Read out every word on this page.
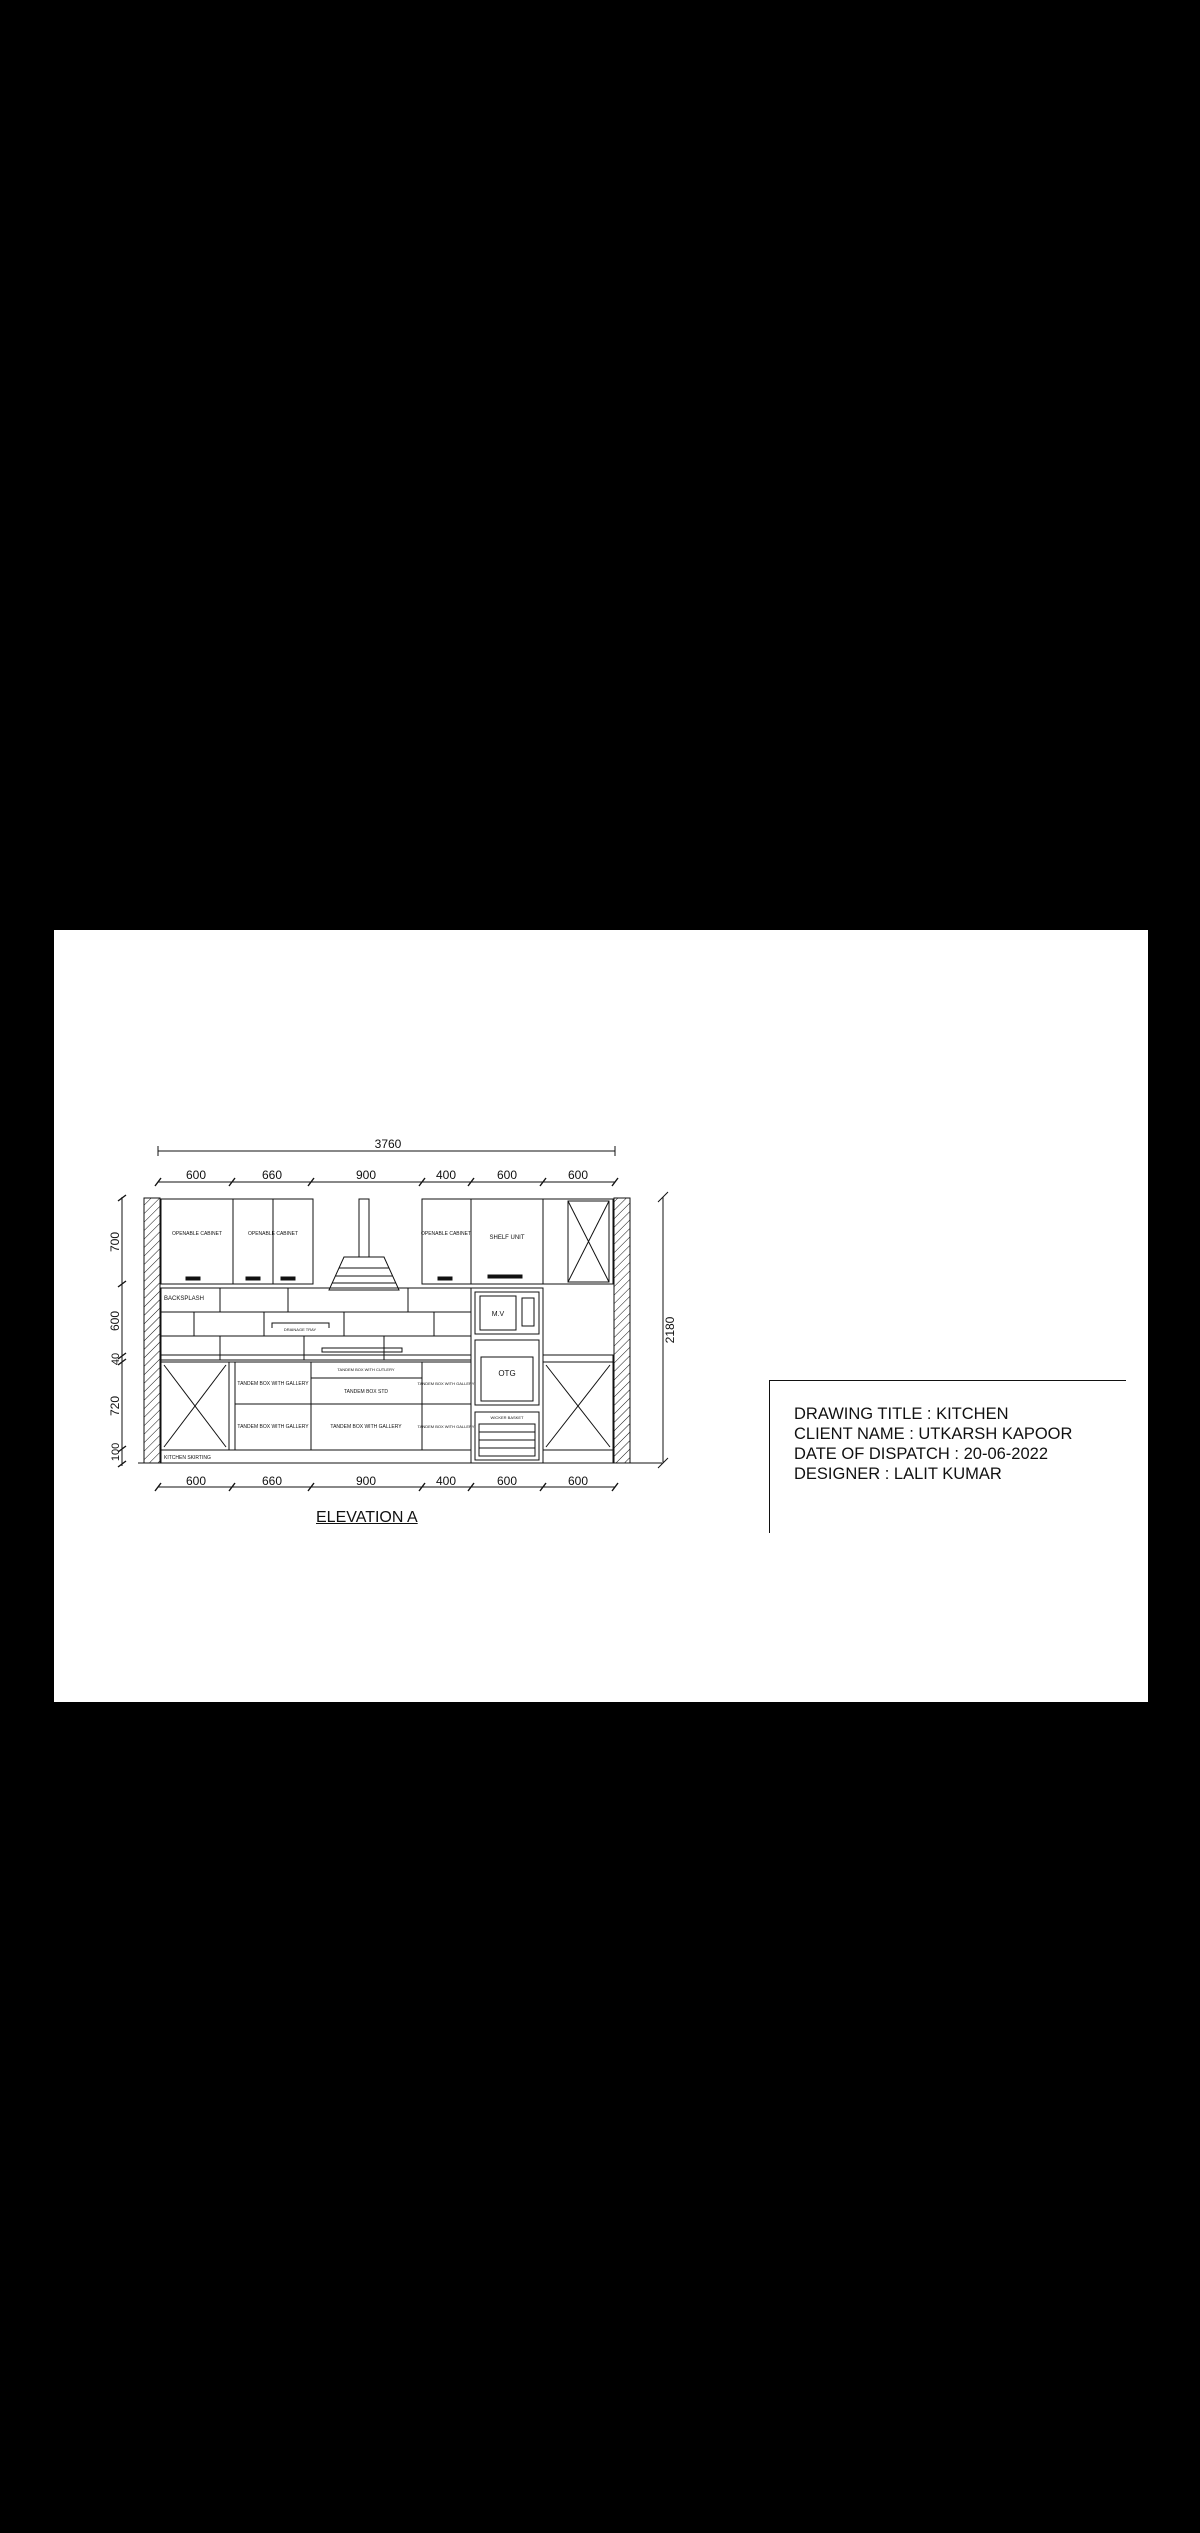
3760
600	660	900	400	600	600
600	660	900	400	600	600
700
600
40
720
100
2180
OPENABLE CABINET	OPENABLE CABINET	OPENABLE CABINET
SHELF UNIT
BACKSPLASH
DRAINAGE TRAY
M.V
OTG
WICKER BASKET
TANDEM BOX WITH GALLERY
TANDEM BOX WITH GALLERY
TANDEM BOX WITH CUTLERY
TANDEM BOX STD
TANDEM BOX WITH GALLERY
TANDEM BOX WITH GALLERY
TANDEM BOX WITH GALLERY
KITCHEN SKIRTING
ELEVATION A
DRAWING TITLE : KITCHEN
CLIENT NAME : UTKARSH KAPOOR
DATE OF DISPATCH : 20-06-2022
DESIGNER : LALIT KUMAR
